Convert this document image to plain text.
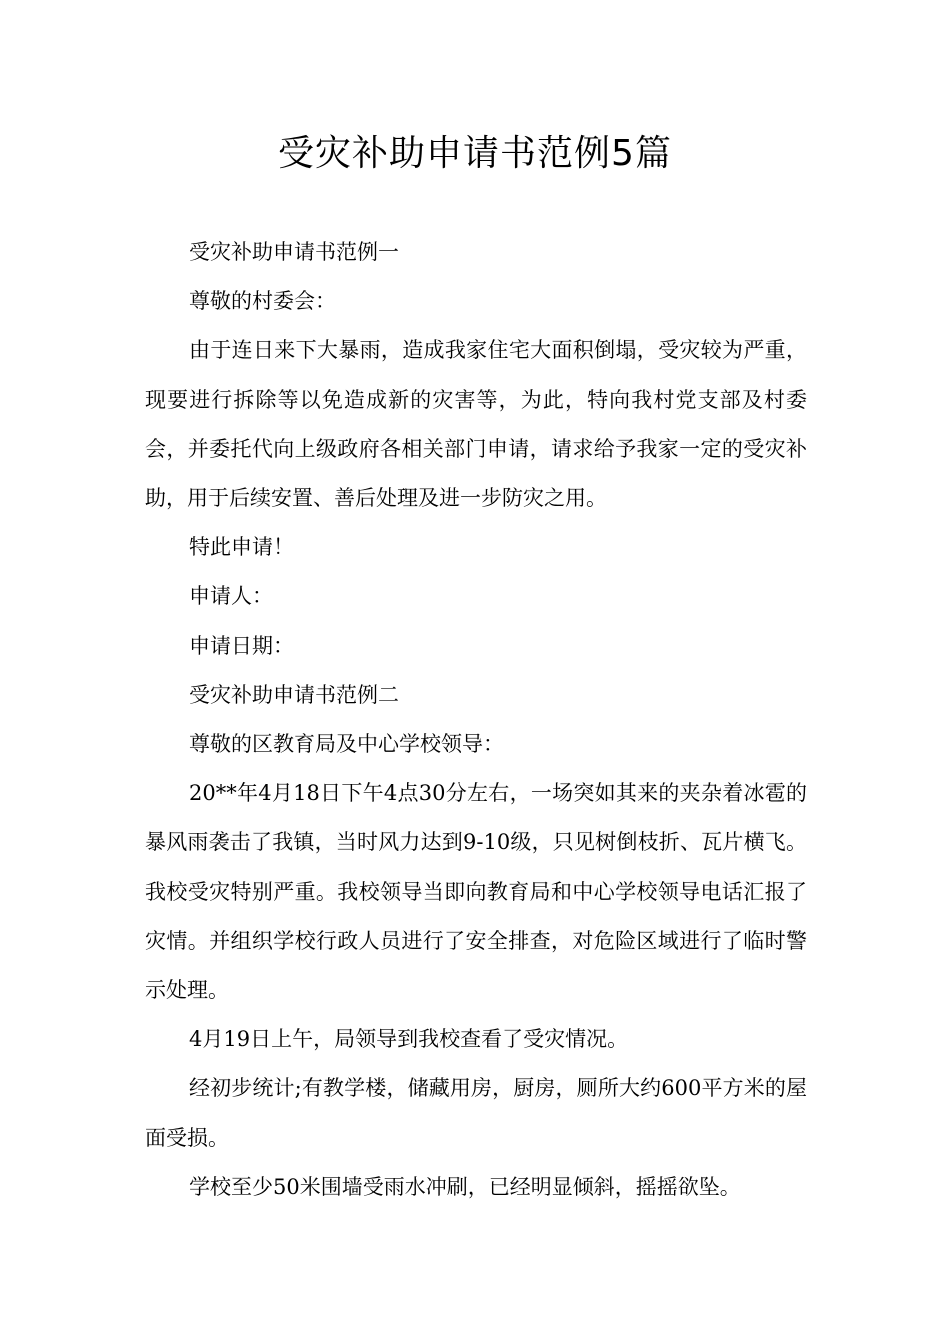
受灾补助申请书范例5篇

受灾补助申请书范例一

尊敬的村委会：

由于连日来下大暴雨，造成我家住宅大面积倒塌，受灾较为严重，现要进行拆除等以免造成新的灾害等，为此，特向我村党支部及村委会，并委托代向上级政府各相关部门申请，请求给予我家一定的受灾补助，用于后续安置、善后处理及进一步防灾之用。

特此申请！

申请人：

申请日期：

受灾补助申请书范例二

尊敬的区教育局及中心学校领导：

20**年4月18日下午4点30分左右，一场突如其来的夹杂着冰雹的暴风雨袭击了我镇，当时风力达到9-10级，只见树倒枝折、瓦片横飞。我校受灾特别严重。我校领导当即向教育局和中心学校领导电话汇报了灾情。并组织学校行政人员进行了安全排查，对危险区域进行了临时警示处理。

4月19日上午，局领导到我校查看了受灾情况。

经初步统计;有教学楼，储藏用房，厨房，厕所大约600平方米的屋面受损。

学校至少50米围墙受雨水冲刷，已经明显倾斜，摇摇欲坠。
